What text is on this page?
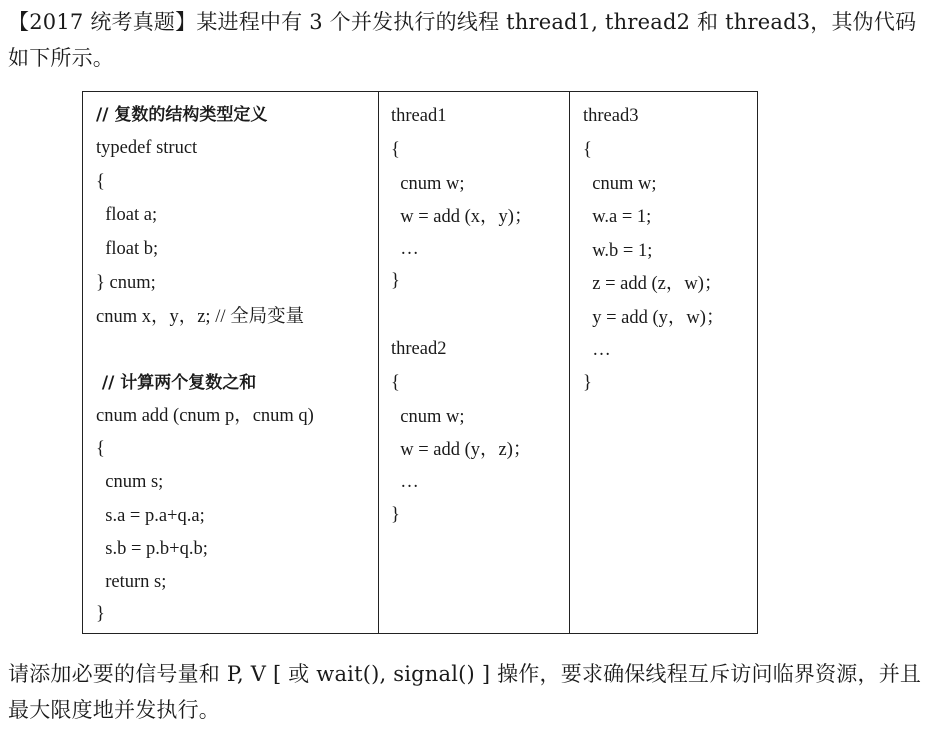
【2017 统考真题】某进程中有 3 个并发执行的线程 thread1, thread2 和 thread3，其伪代码如下所示。

// 复数的结构类型定义
typedef struct
{
float a;
float b;
} cnum;
cnum x，y，z; // 全局变量
// 计算两个复数之和
cnum add (cnum p，cnum q)
{
cnum s;
s.a = p.a+q.a;
s.b = p.b+q.b;
return s;
}
thread1
{
cnum w;
w = add (x，y)；
…
}
thread2
{
cnum w;
w = add (y，z)；
…
}
thread3
{
cnum w;
w.a = 1;
w.b = 1;
z = add (z，w)；
y = add (y，w)；
…
}

请添加必要的信号量和 P, V [ 或 wait(), signal() ] 操作，要求确保线程互斥访问临界资源，并且最大限度地并发执行。
